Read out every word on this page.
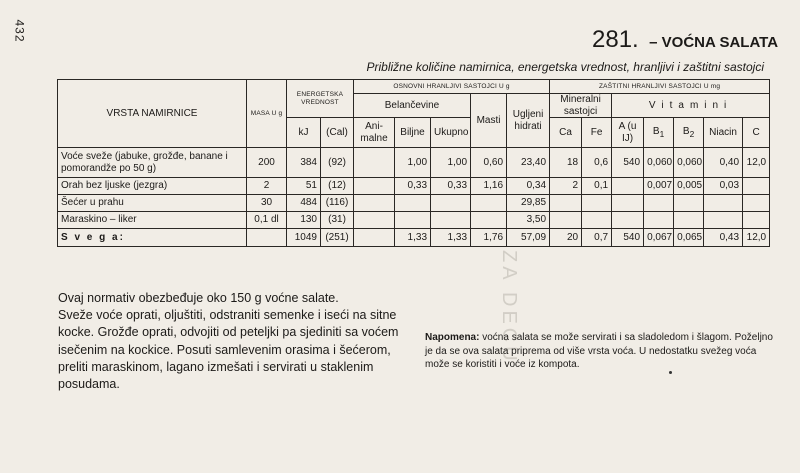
432	281. – VOĆNA SALATA
Približne količine namirnica, energetska vrednost, hranljivi i zaštitni sastojci
ZA DECU
VRSTA NAMIRNICE	MASA U g	ENERGETSKA VREDNOST		OSNOVNI HRANLJIVI SASTOJCI U g					ZAŠTITNI HRANLJIVI SASTOJCI U mg						
				Belančevine			Masti	Ugljeni hidrati	Mineralni sastojci		Vitamini				
		kJ	(Cal)	Ani- malne	Biljne	Ukupno			Ca	Fe	A (u IJ)	$B_1$	$B_2$	Niacin	C
Voće sveže (jabuke, grožđe, banane i pomorandže po 50 g)	200	384	(92)		1,00	1,00	0,60	23,40	18	0,6	540	0,060	0,060	0,40	12,0
Orah bez ljuske (jezgra)	2	51	(12)		0,33	0,33	1,16	0,34	2	0,1		0,007	0,005	0,03	
Šećer u prahu	30	484	(116)					29,85							
Maraskino – liker	0,1 dl	130	(31)					3,50							
S v e g a:		1049	(251)		1,33	1,33	1,76	57,09	20	0,7	540	0,067	0,065	0,43	12,0

Ovaj normativ obezbeđuje oko 150 g voćne salate.

Sveže voće oprati, oljuštiti, odstraniti semenke i iseći na sitne kocke. Grožđe oprati, odvojiti od peteljki pa sjediniti sa voćem isečenim na kockice. Posuti samlevenim orasima i šećerom, preliti maraskinom, lagano izmešati i servirati u staklenim posudama.

Napomena: voćna salata se može servirati i sa sladoledom i šlagom. Poželjno je da se ova salata priprema od više vrsta voća. U nedostatku svežeg voća može se koristiti i voće iz kompota.
